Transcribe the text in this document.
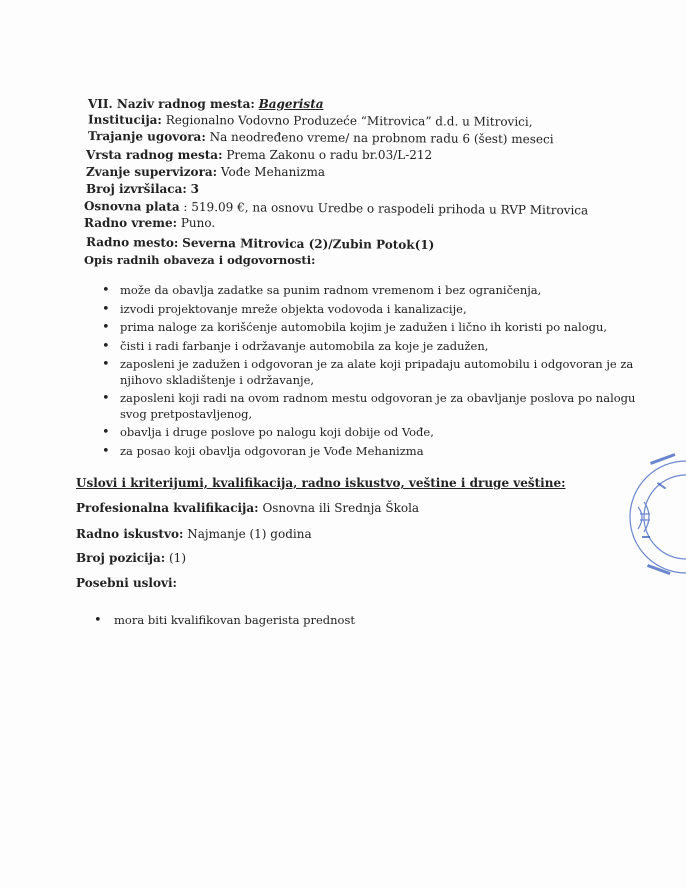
VII. Naziv radnog mesta: Bagerista
Institucija: Regionalno Vodovno Produzeće “Mitrovica” d.d. u Mitrovici,
Trajanje ugovora: Na neodređeno vreme/ na probnom radu 6 (šest) meseci
Vrsta radnog mesta: Prema Zakonu o radu br.03/L-212
Zvanje supervizora: Vođe Mehanizma
Broj izvršilaca: 3
Osnovna plata : 519.09 €, na osnovu Uredbe o raspodeli prihoda u RVP Mitrovica
Radno vreme: Puno.
Radno mesto: Severna Mitrovica (2)/Zubin Potok(1)
Opis radnih obaveza i odgovornosti:
• može da obavlja zadatke sa punim radnom vremenom i bez ograničenja,
• izvodi projektovanje mreže objekta vodovoda i kanalizacije,
• prima naloge za korišćenje automobila kojim je zadužen i lično ih koristi po nalogu,
• čisti i radi farbanje i održavanje automobila za koje je zadužen,
• zaposleni je zadužen i odgovoran je za alate koji pripadaju automobilu i odgovoran je za njihovo skladištenje i održavanje,
• zaposleni koji radi na ovom radnom mestu odgovoran je za obavljanje poslova po nalogu svog pretpostavljenog,
• obavlja i druge poslove po nalogu koji dobije od Vođe,
• za posao koji obavlja odgovoran je Vođe Mehanizma
Uslovi i kriterijumi, kvalifikacija, radno iskustvo, veštine i druge veštine:
Profesionalna kvalifikacija: Osnovna ili Srednja Škola
Radno iskustvo: Najmanje (1) godina
Broj pozicija: (1)
Posebni uslovi:
• mora biti kvalifikovan bagerista prednost
